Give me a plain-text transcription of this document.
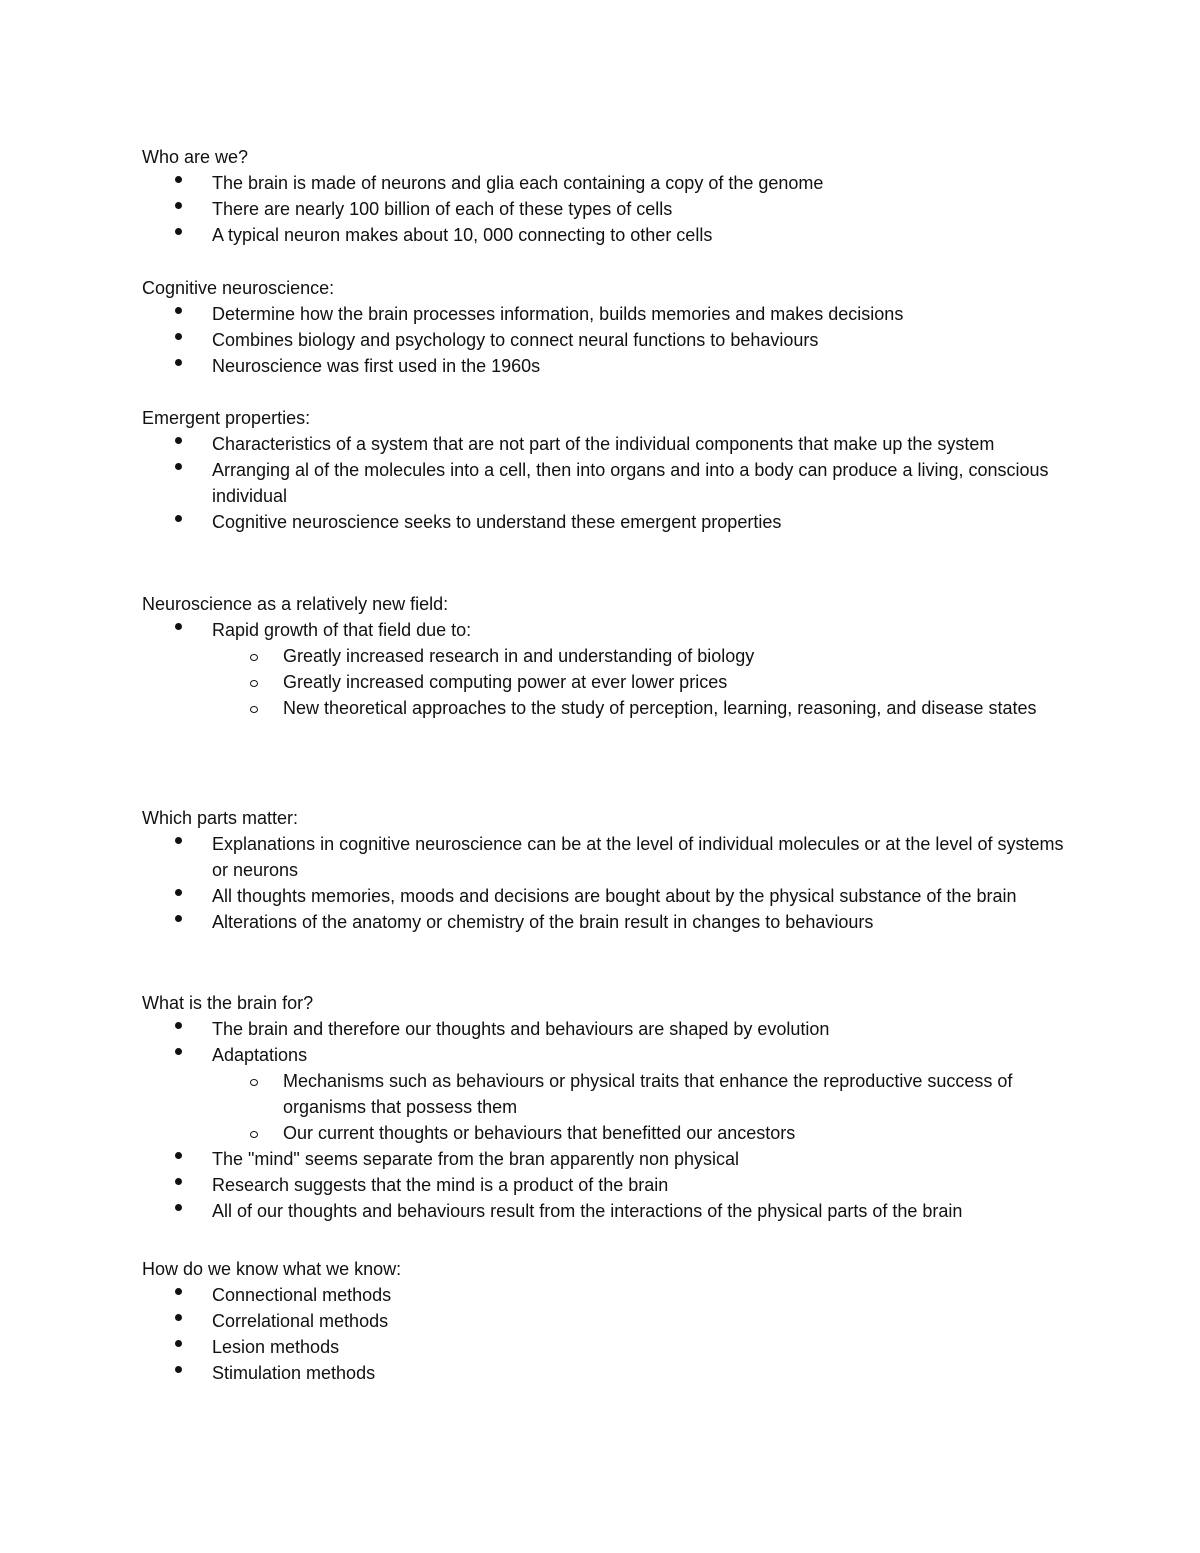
Who are we?

The brain is made of neurons and glia each containing a copy of the genome
There are nearly 100 billion of each of these types of cells
A typical neuron makes about 10, 000 connecting to other cells

Cognitive neuroscience:

Determine how the brain processes information, builds memories and makes decisions
Combines biology and psychology to connect neural functions to behaviours
Neuroscience was first used in the 1960s

Emergent properties:

Characteristics of a system that are not part of the individual components that make up the system
Arranging al of the molecules into a cell, then into organs and into a body can produce a living, conscious individual
Cognitive neuroscience seeks to understand these emergent properties

Neuroscience as a relatively new field:

Rapid growth of that field due to:
Greatly increased research in and understanding of biology
Greatly increased computing power at ever lower prices
New theoretical approaches to the study of perception, learning, reasoning, and disease states

Which parts matter:

Explanations in cognitive neuroscience can be at the level of individual molecules or at the level of systems or neurons
All thoughts memories, moods and decisions are bought about by the physical substance of the brain
Alterations of the anatomy or chemistry of the brain result in changes to behaviours

What is the brain for?

The brain and therefore our thoughts and behaviours are shaped by evolution
Adaptations
Mechanisms such as behaviours or physical traits that enhance the reproductive success of organisms that possess them
Our current thoughts or behaviours that benefitted our ancestors
The "mind" seems separate from the bran apparently non physical
Research suggests that the mind is a product of the brain
All of our thoughts and behaviours result from the interactions of the physical parts of the brain

How do we know what we know:

Connectional methods
Correlational methods
Lesion methods
Stimulation methods
